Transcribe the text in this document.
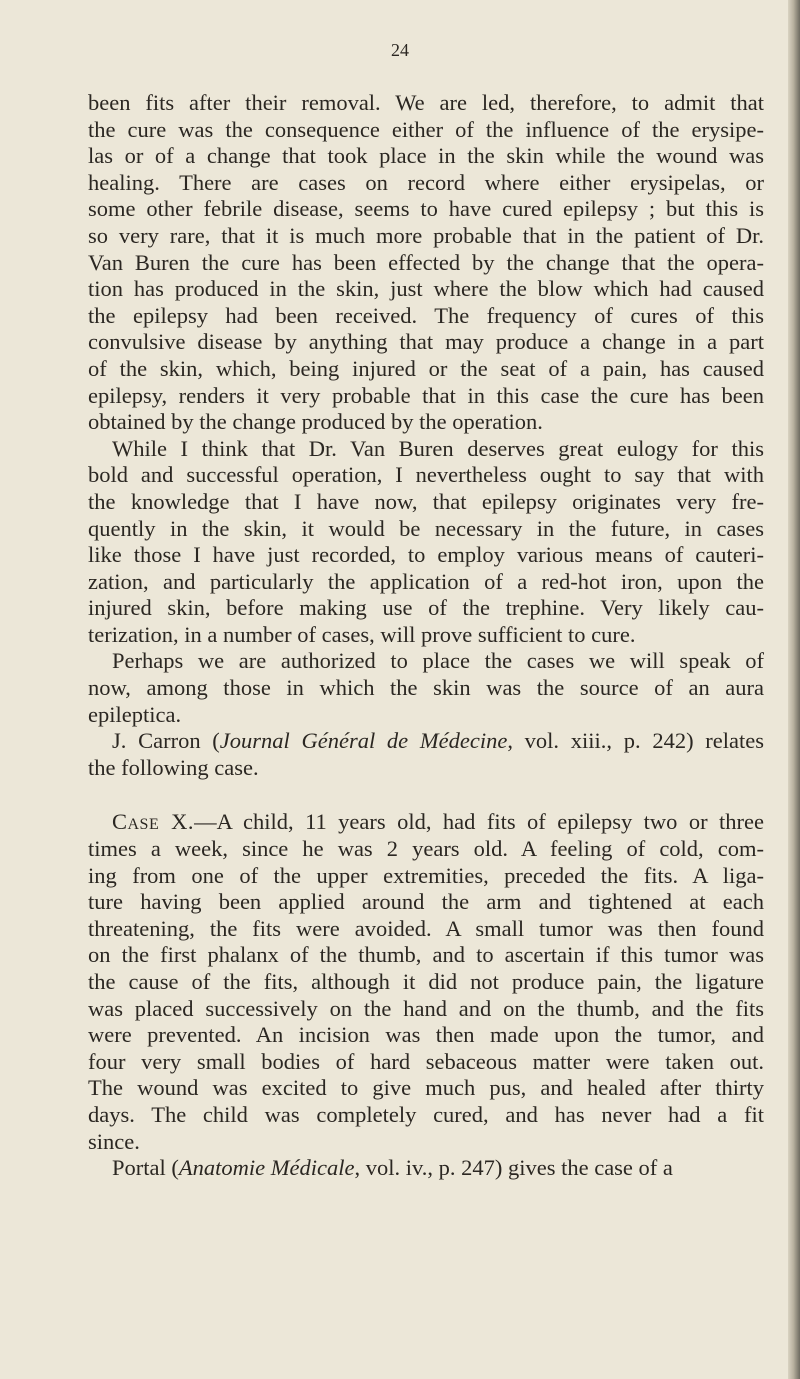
24
been fits after their removal. We are led, therefore, to admit that
the cure was the consequence either of the influence of the erysipe-
las or of a change that took place in the skin while the wound was
healing. There are cases on record where either erysipelas, or
some other febrile disease, seems to have cured epilepsy ; but this is
so very rare, that it is much more probable that in the patient of Dr.
Van Buren the cure has been effected by the change that the opera-
tion has produced in the skin, just where the blow which had caused
the epilepsy had been received. The frequency of cures of this
convulsive disease by anything that may produce a change in a part
of the skin, which, being injured or the seat of a pain, has caused
epilepsy, renders it very probable that in this case the cure has been
obtained by the change produced by the operation.
While I think that Dr. Van Buren deserves great eulogy for this
bold and successful operation, I nevertheless ought to say that with
the knowledge that I have now, that epilepsy originates very fre-
quently in the skin, it would be necessary in the future, in cases
like those I have just recorded, to employ various means of cauteri-
zation, and particularly the application of a red-hot iron, upon the
injured skin, before making use of the trephine. Very likely cau-
terization, in a number of cases, will prove sufficient to cure.
Perhaps we are authorized to place the cases we will speak of
now, among those in which the skin was the source of an aura
epileptica.
J. Carron (Journal Général de Médecine, vol. xiii., p. 242) relates
the following case.
Case X.—A child, 11 years old, had fits of epilepsy two or three
times a week, since he was 2 years old. A feeling of cold, com-
ing from one of the upper extremities, preceded the fits. A liga-
ture having been applied around the arm and tightened at each
threatening, the fits were avoided. A small tumor was then found
on the first phalanx of the thumb, and to ascertain if this tumor was
the cause of the fits, although it did not produce pain, the ligature
was placed successively on the hand and on the thumb, and the fits
were prevented. An incision was then made upon the tumor, and
four very small bodies of hard sebaceous matter were taken out.
The wound was excited to give much pus, and healed after thirty
days. The child was completely cured, and has never had a fit
since.
Portal (Anatomie Médicale, vol. iv., p. 247) gives the case of a
